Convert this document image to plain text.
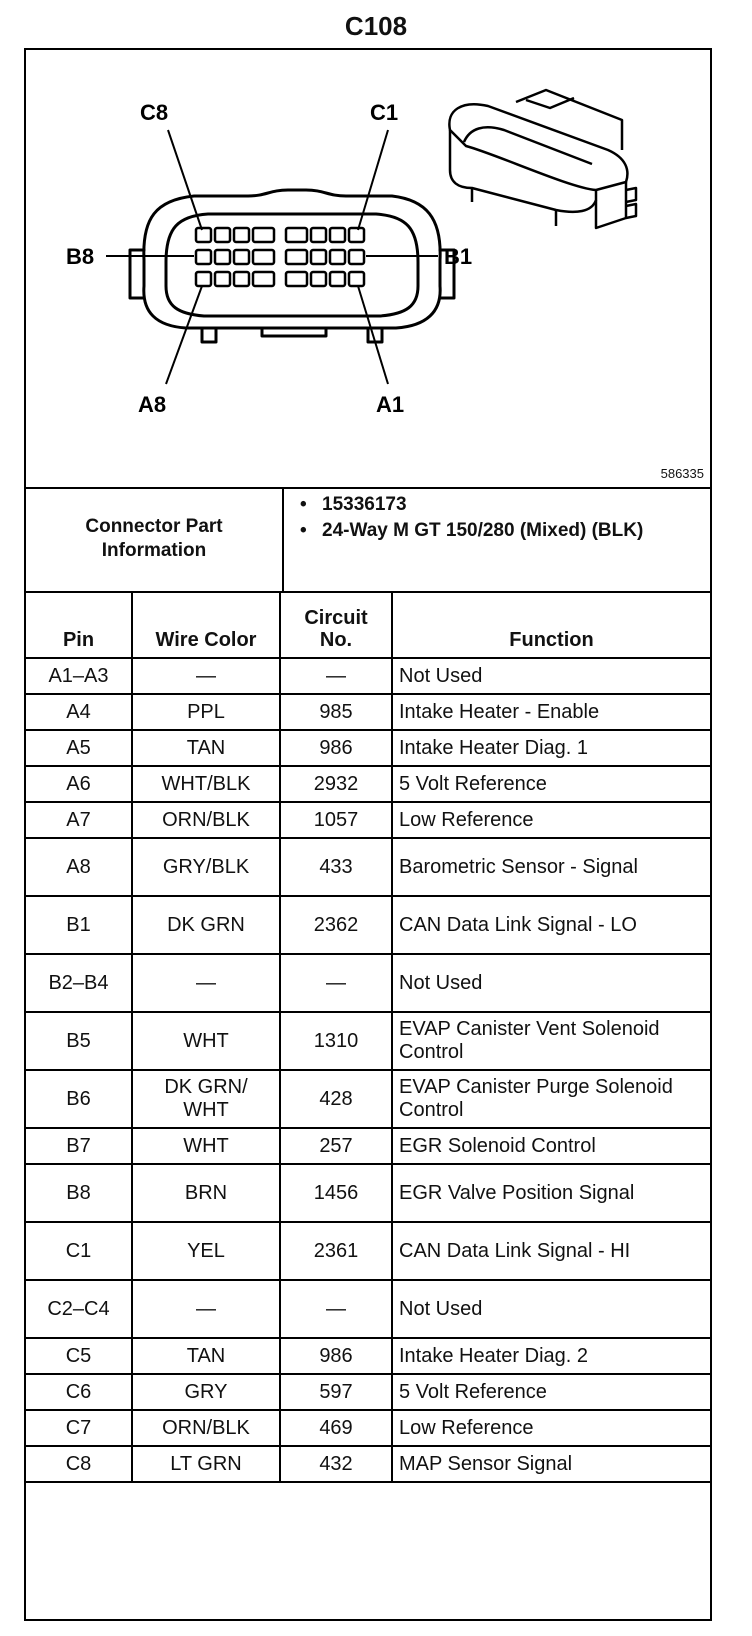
C108
C8	C1
B8	B1
A8	A1
586335
Connector Part
Information
• 15336173
• 24-Way M GT 150/280 (Mixed) (BLK)
Pin	Wire Color	Circuit No.	Function
A1–A3	—	—	Not Used
A4	PPL	985	Intake Heater - Enable
A5	TAN	986	Intake Heater Diag. 1
A6	WHT/BLK	2932	5 Volt Reference
A7	ORN/BLK	1057	Low Reference
A8	GRY/BLK	433	Barometric Sensor - Signal
B1	DK GRN	2362	CAN Data Link Signal - LO
B2–B4	—	—	Not Used
B5	WHT	1310	EVAP Canister Vent Solenoid Control
B6	DK GRN/ WHT	428	EVAP Canister Purge Solenoid Control
B7	WHT	257	EGR Solenoid Control
B8	BRN	1456	EGR Valve Position Signal
C1	YEL	2361	CAN Data Link Signal - HI
C2–C4	—	—	Not Used
C5	TAN	986	Intake Heater Diag. 2
C6	GRY	597	5 Volt Reference
C7	ORN/BLK	469	Low Reference
C8	LT GRN	432	MAP Sensor Signal
